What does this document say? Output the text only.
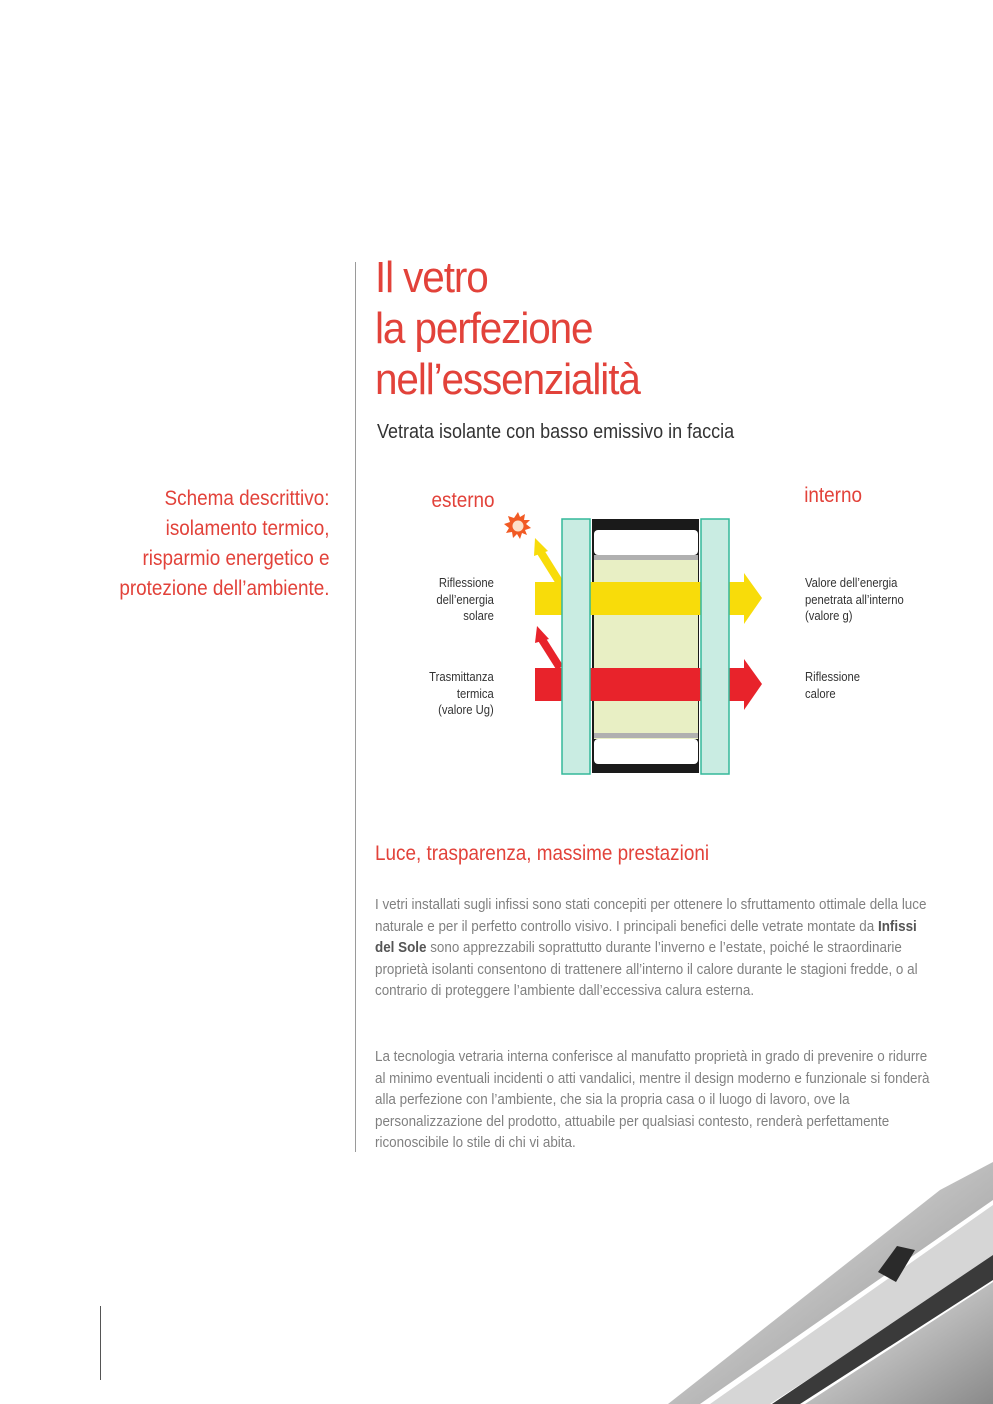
Il vetro
la perfezione
nell’essenzialità
Vetrata isolante con basso emissivo in faccia
Schema descrittivo:
isolamento termico,
risparmio energetico e
protezione dell’ambiente.
esterno	interno
Riflessione
dell’energia
solare
Trasmittanza
termica
(valore Ug)
Valore dell’energia
penetrata all’interno
(valore g)
Riflessione
calore
Luce, trasparenza, massime prestazioni

I vetri installati sugli infissi sono stati concepiti per ottenere lo sfruttamento ottimale della luce naturale e per il perfetto controllo visivo. I principali benefici delle vetrate montate da Infissi del Sole sono apprezzabili soprattutto durante l’inverno e l’estate, poiché le straordinarie proprietà isolanti consentono di trattenere all’interno il calore durante le stagioni fredde, o al contrario di proteggere l’ambiente dall’eccessiva calura esterna.

La tecnologia vetraria interna conferisce al manufatto proprietà in grado di prevenire o ridurre al minimo eventuali incidenti o atti vandalici, mentre il design moderno e funzionale si fonderà alla perfezione con l’ambiente, che sia la propria casa o il luogo di lavoro, ove la personalizzazione del prodotto, attuabile per qualsiasi contesto, renderà perfettamente riconoscibile lo stile di chi vi abita.
